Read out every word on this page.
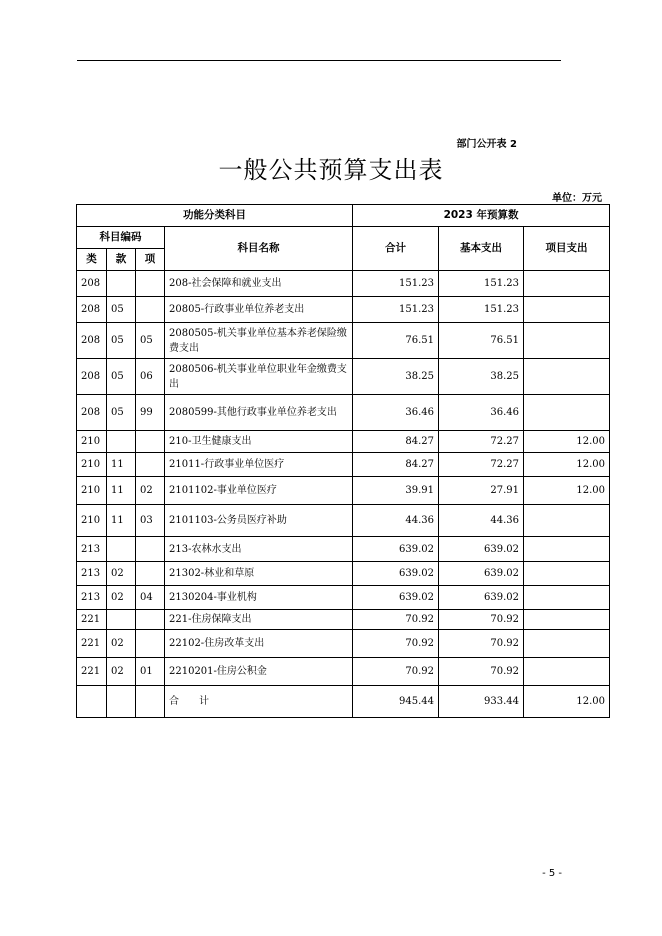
部门公开表 2
一般公共预算支出表
单位：万元
功能分类科目				2023 年预算数		
科目编码			科目名称	合计	基本支出	项目支出
类	款	项				
208			208-社会保障和就业支出	151.23	151.23	
208	05		20805-行政事业单位养老支出	151.23	151.23	
208	05	05	2080505-机关事业单位基本养老保险缴费支出	76.51	76.51	
208	05	06	2080506-机关事业单位职业年金缴费支出	38.25	38.25	
208	05	99	2080599-其他行政事业单位养老支出	36.46	36.46	
210			210-卫生健康支出	84.27	72.27	12.00
210	11		21011-行政事业单位医疗	84.27	72.27	12.00
210	11	02	2101102-事业单位医疗	39.91	27.91	12.00
210	11	03	2101103-公务员医疗补助	44.36	44.36	
213			213-农林水支出	639.02	639.02	
213	02		21302-林业和草原	639.02	639.02	
213	02	04	2130204-事业机构	639.02	639.02	
221			221-住房保障支出	70.92	70.92	
221	02		22102-住房改革支出	70.92	70.92	
221	02	01	2210201-住房公积金	70.92	70.92	
			合　　计	945.44	933.44	12.00
- 5 -
